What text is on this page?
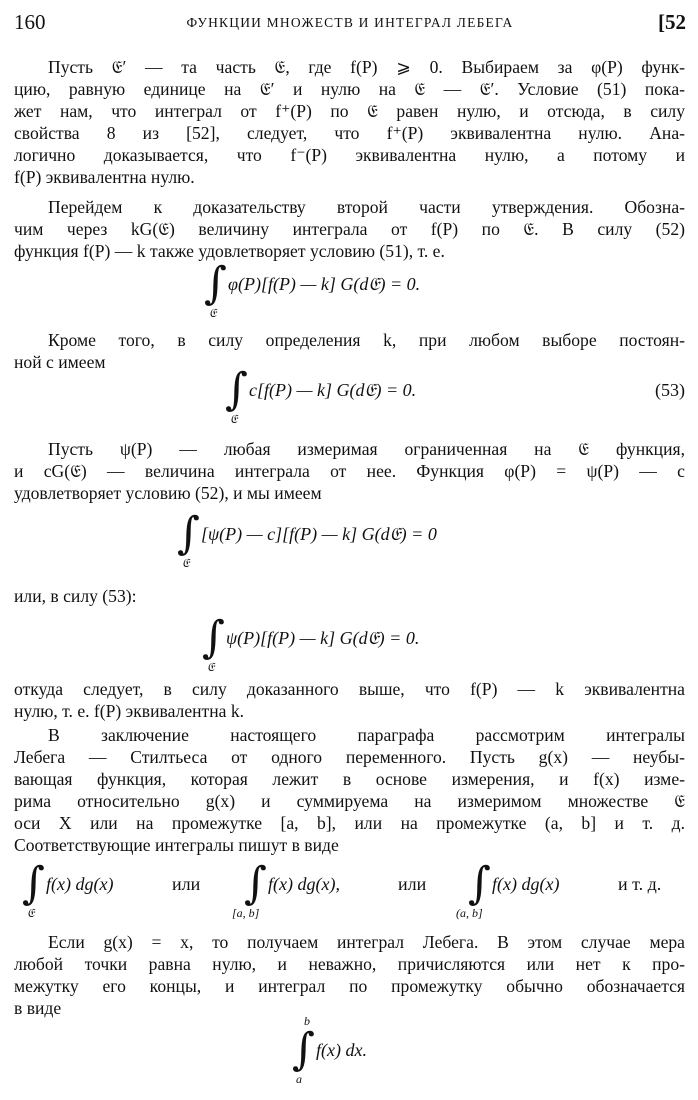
160	ФУНКЦИИ МНОЖЕСТВ И ИНТЕГРАЛ ЛЕБЕГА	[52
Пусть 𝔈′ — та часть 𝔈, где f(P) ⩾ 0. Выбираем за φ(P) функ-
цию, равную единице на 𝔈′ и нулю на 𝔈 — 𝔈′. Условие (51) пока-
жет нам, что интеграл от f⁺(P) по 𝔈 равен нулю, и отсюда, в силу
свойства 8 из [52], следует, что f⁺(P) эквивалентна нулю. Ана-
логично доказывается, что f⁻(P) эквивалентна нулю, а потому и
f(P) эквивалентна нулю.
Перейдем к доказательству второй части утверждения. Обозна-
чим через kG(𝔈) величину интеграла от f(P) по 𝔈. В силу (52)
функция f(P) — k также удовлетворяет условию (51), т. е.
∫
𝔈
φ(P)[f(P) — k] G(d𝔈) = 0.
Кроме того, в силу определения k, при любом выборе постоян-
ной c имеем
∫
𝔈
c[f(P) — k] G(d𝔈) = 0.	(53)
Пусть ψ(P) — любая измеримая ограниченная на 𝔈 функция,
и cG(𝔈) — величина интеграла от нее. Функция φ(P) = ψ(P) — c
удовлетворяет условию (52), и мы имеем
∫
𝔈
[ψ(P) — c][f(P) — k] G(d𝔈) = 0
или, в силу (53):
∫
𝔈
ψ(P)[f(P) — k] G(d𝔈) = 0.
откуда следует, в силу доказанного выше, что f(P) — k эквивалентна
нулю, т. е. f(P) эквивалентна k.
В заключение настоящего параграфа рассмотрим интегралы
Лебега — Стилтьеса от одного переменного. Пусть g(x) — неубы-
вающая функция, которая лежит в основе измерения, и f(x) изме-
рима относительно g(x) и суммируема на измеримом множестве 𝔈
оси X или на промежутке [a, b], или на промежутке (a, b] и т. д.
Соответствующие интегралы пишут в виде
∫
𝔈
f(x) dg(x)	или ∫
[a, b]
f(x) dg(x),	или ∫
(a, b]
f(x) dg(x)	и т. д.
Если g(x) = x, то получаем интеграл Лебега. В этом случае мера
любой точки равна нулю, и неважно, причисляются или нет к про-
межутку его концы, и интеграл по промежутку обычно обозначается
в виде
b
∫
a
f(x) dx.
